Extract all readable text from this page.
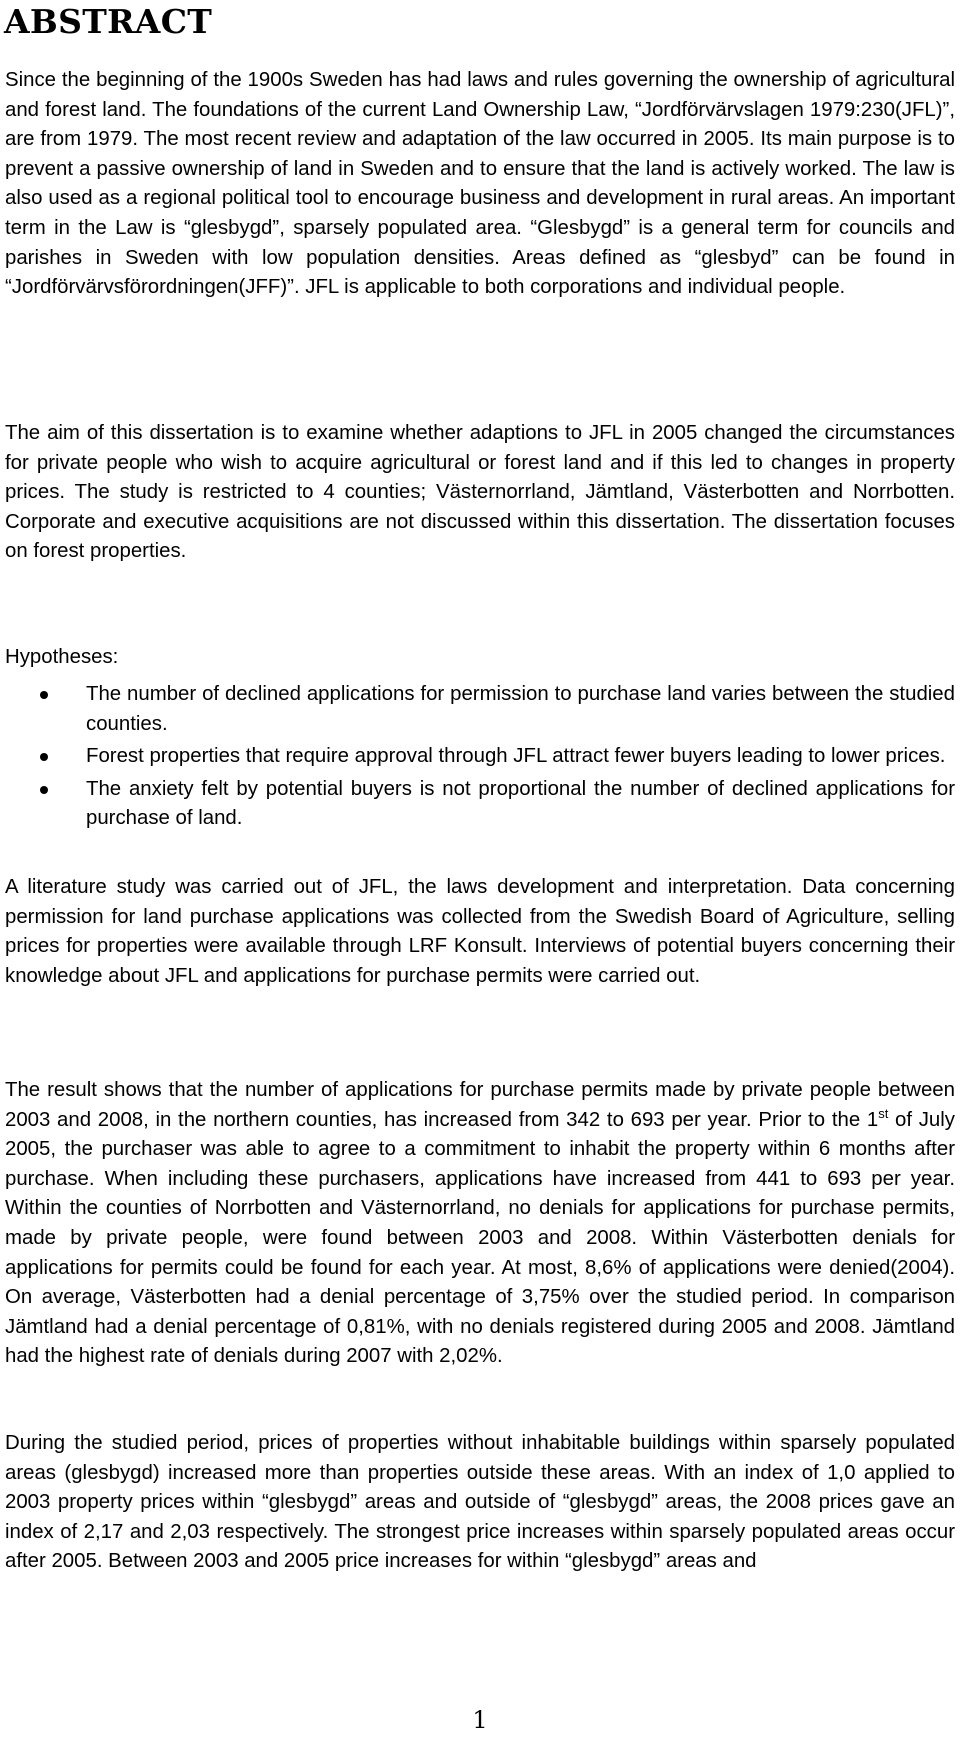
ABSTRACT

Since the beginning of the 1900s Sweden has had laws and rules governing the ownership of agricultural and forest land. The foundations of the current Land Ownership Law, “Jordförvärvslagen 1979:230(JFL)”, are from 1979. The most recent review and adaptation of the law occurred in 2005. Its main purpose is to prevent a passive ownership of land in Sweden and to ensure that the land is actively worked. The law is also used as a regional political tool to encourage business and development in rural areas. An important term in the Law is “glesbygd”, sparsely populated area. “Glesbygd” is a general term for councils and parishes in Sweden with low population densities. Areas defined as “glesbyd” can be found in “Jordförvärvsförordningen(JFF)”. JFL is applicable to both corporations and individual people.

The aim of this dissertation is to examine whether adaptions to JFL in 2005 changed the circumstances for private people who wish to acquire agricultural or forest land and if this led to changes in property prices. The study is restricted to 4 counties; Västernorrland, Jämtland, Västerbotten and Norrbotten. Corporate and executive acquisitions are not discussed within this dissertation. The dissertation focuses on forest properties.

Hypotheses:

The number of declined applications for permission to purchase land varies between the studied counties.
Forest properties that require approval through JFL attract fewer buyers leading to lower prices.
The anxiety felt by potential buyers is not proportional the number of declined applications for purchase of land.

A literature study was carried out of JFL, the laws development and interpretation. Data concerning permission for land purchase applications was collected from the Swedish Board of Agriculture, selling prices for properties were available through LRF Konsult. Interviews of potential buyers concerning their knowledge about JFL and applications for purchase permits were carried out.

The result shows that the number of applications for purchase permits made by private people between 2003 and 2008, in the northern counties, has increased from 342 to 693 per year. Prior to the 1st of July 2005, the purchaser was able to agree to a commitment to inhabit the property within 6 months after purchase. When including these purchasers, applications have increased from 441 to 693 per year. Within the counties of Norrbotten and Västernorrland, no denials for applications for purchase permits, made by private people, were found between 2003 and 2008. Within Västerbotten denials for applications for permits could be found for each year. At most, 8,6% of applications were denied(2004). On average, Västerbotten had a denial percentage of 3,75% over the studied period. In comparison Jämtland had a denial percentage of 0,81%, with no denials registered during 2005 and 2008. Jämtland had the highest rate of denials during 2007 with 2,02%.

During the studied period, prices of properties without inhabitable buildings within sparsely populated areas (glesbygd) increased more than properties outside these areas. With an index of 1,0 applied to 2003 property prices within “glesbygd” areas and outside of “glesbygd” areas, the 2008 prices gave an index of 2,17 and 2,03 respectively. The strongest price increases within sparsely populated areas occur after 2005. Between 2003 and 2005 price increases for within “glesbygd” areas and

1
